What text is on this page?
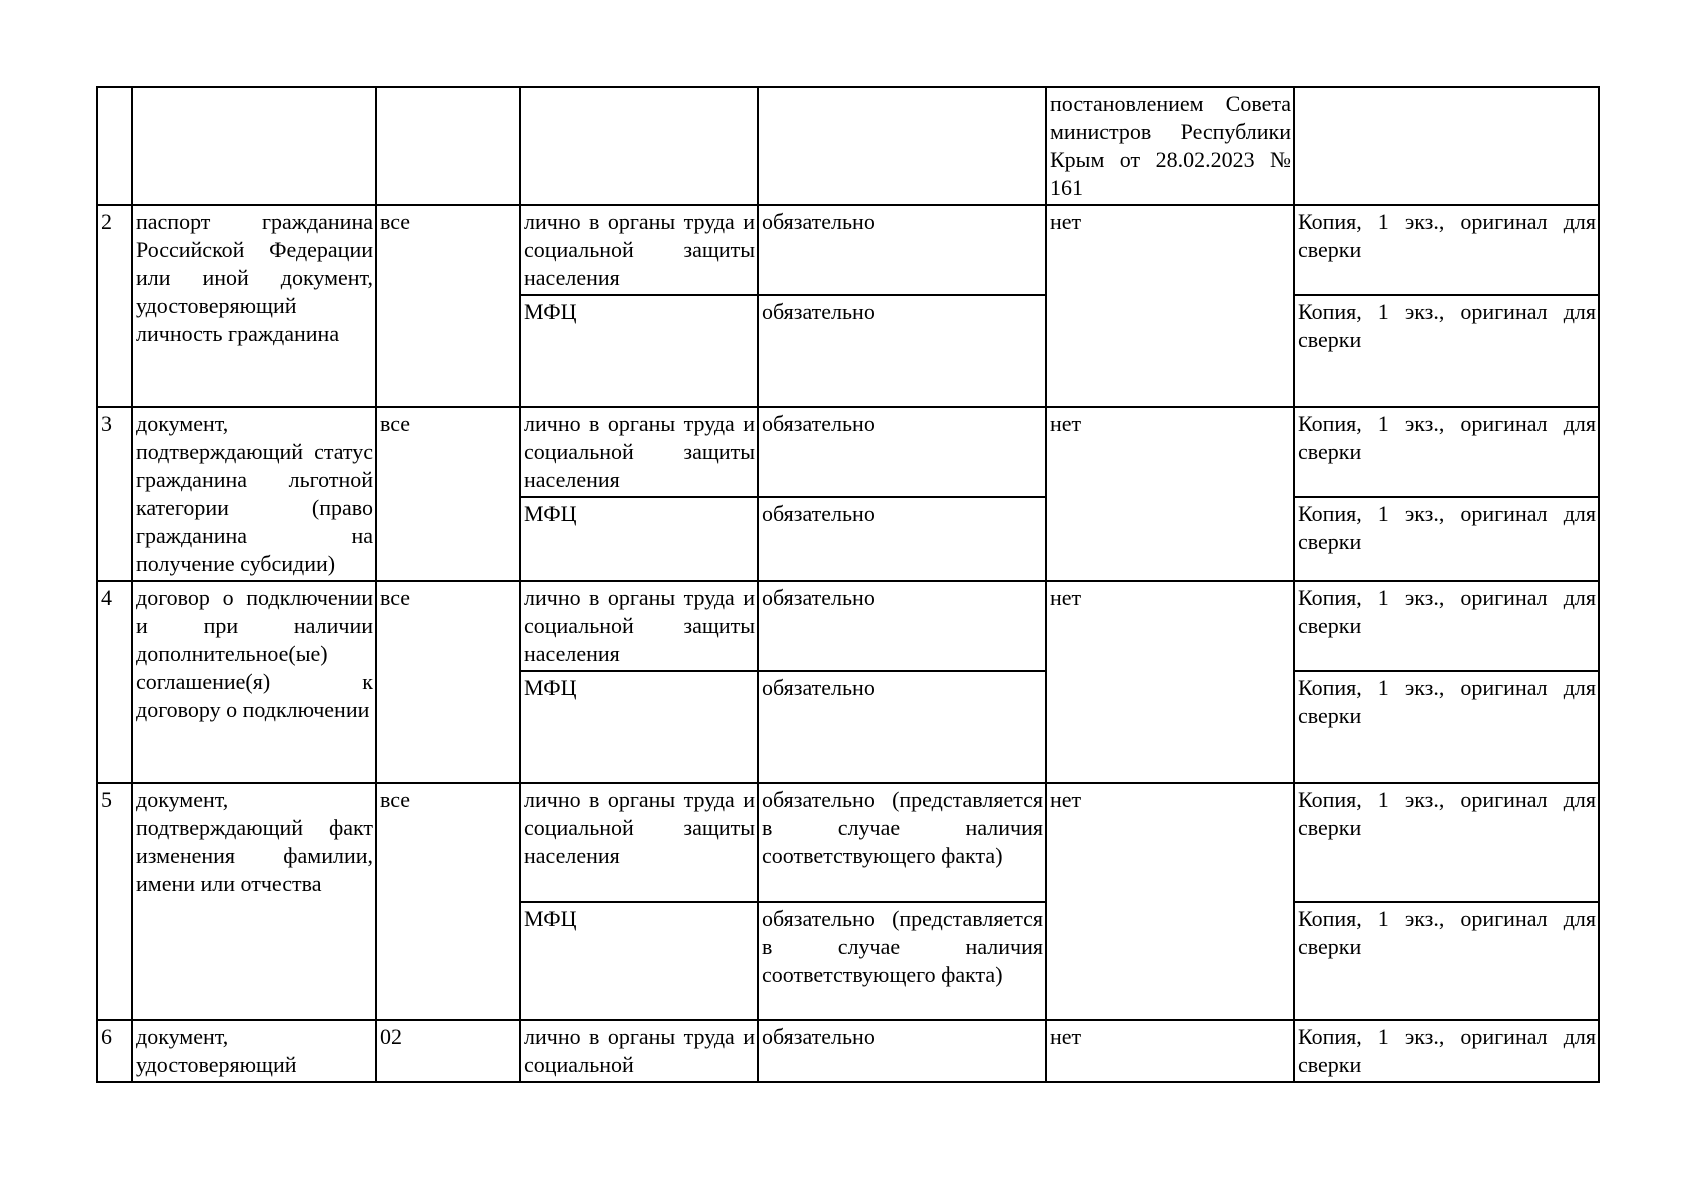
					постановлением Совета министров Республики Крым от 28.02.2023 № 161	
2	паспорт гражданина Российской Федерации или иной документ, удостоверяющий личность гражданина	все	лично в органы труда и социальной защиты населения	обязательно	нет	Копия, 1 экз., оригинал для сверки
			МФЦ	обязательно		Копия, 1 экз., оригинал для сверки
3	документ, подтверждающий статус гражданина льготной категории (право гражданина на получение субсидии)	все	лично в органы труда и социальной защиты населения	обязательно	нет	Копия, 1 экз., оригинал для сверки
			МФЦ	обязательно		Копия, 1 экз., оригинал для сверки
4	договор о подключении и при наличии дополнительное(ые) соглашение(я) к договору о подключении	все	лично в органы труда и социальной защиты населения	обязательно	нет	Копия, 1 экз., оригинал для сверки
			МФЦ	обязательно		Копия, 1 экз., оригинал для сверки
5	документ, подтверждающий факт изменения фамилии, имени или отчества	все	лично в органы труда и социальной защиты населения	обязательно (представляется в случае наличия соответствующего факта)	нет	Копия, 1 экз., оригинал для сверки
			МФЦ	обязательно (представляется в случае наличия соответствующего факта)		Копия, 1 экз., оригинал для сверки
6	документ, удостоверяющий	02	лично в органы труда и социальной	обязательно	нет	Копия, 1 экз., оригинал для сверки
